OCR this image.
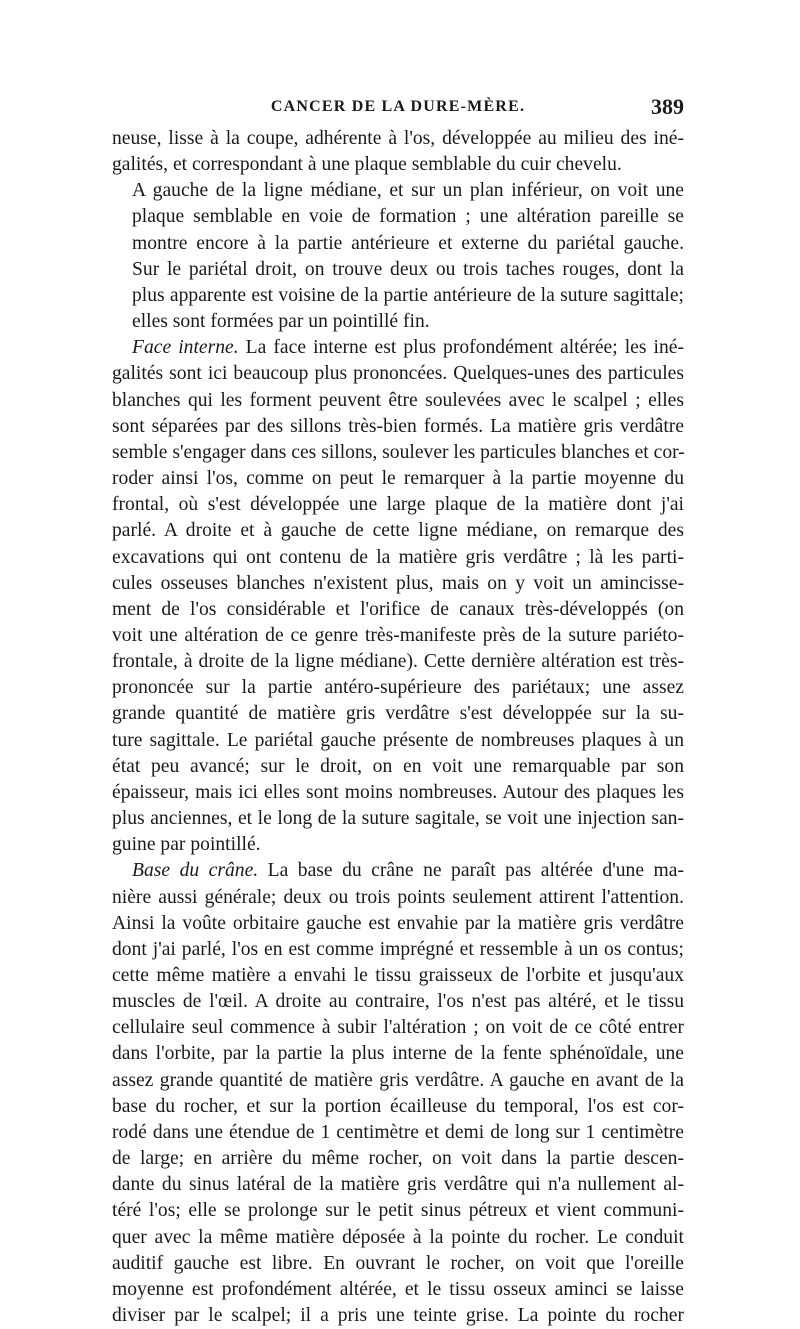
CANCER DE LA DURE-MÈRE.	389

neuse, lisse à la coupe, adhérente à l'os, développée au milieu des iné-
galités, et correspondant à une plaque semblable du cuir chevelu.

A gauche de la ligne médiane, et sur un plan inférieur, on voit une
plaque semblable en voie de formation ; une altération pareille se
montre encore à la partie antérieure et externe du pariétal gauche.
Sur le pariétal droit, on trouve deux ou trois taches rouges, dont la
plus apparente est voisine de la partie antérieure de la suture sagittale;
elles sont formées par un pointillé fin.

Face interne. La face interne est plus profondément altérée; les iné-
galités sont ici beaucoup plus prononcées. Quelques-unes des particules
blanches qui les forment peuvent être soulevées avec le scalpel ; elles
sont séparées par des sillons très-bien formés. La matière gris verdâtre
semble s'engager dans ces sillons, soulever les particules blanches et cor-
roder ainsi l'os, comme on peut le remarquer à la partie moyenne du
frontal, où s'est développée une large plaque de la matière dont j'ai
parlé. A droite et à gauche de cette ligne médiane, on remarque des
excavations qui ont contenu de la matière gris verdâtre ; là les parti-
cules osseuses blanches n'existent plus, mais on y voit un amincisse-
ment de l'os considérable et l'orifice de canaux très-développés (on
voit une altération de ce genre très-manifeste près de la suture pariéto-
frontale, à droite de la ligne médiane). Cette dernière altération est très-
prononcée sur la partie antéro-supérieure des pariétaux; une assez
grande quantité de matière gris verdâtre s'est développée sur la su-
ture sagittale. Le pariétal gauche présente de nombreuses plaques à un
état peu avancé; sur le droit, on en voit une remarquable par son
épaisseur, mais ici elles sont moins nombreuses. Autour des plaques les
plus anciennes, et le long de la suture sagitale, se voit une injection san-
guine par pointillé.

Base du crâne. La base du crâne ne paraît pas altérée d'une ma-
nière aussi générale; deux ou trois points seulement attirent l'attention.
Ainsi la voûte orbitaire gauche est envahie par la matière gris verdâtre
dont j'ai parlé, l'os en est comme imprégné et ressemble à un os contus;
cette même matière a envahi le tissu graisseux de l'orbite et jusqu'aux
muscles de l'œil. A droite au contraire, l'os n'est pas altéré, et le tissu
cellulaire seul commence à subir l'altération ; on voit de ce côté entrer
dans l'orbite, par la partie la plus interne de la fente sphénoïdale, une
assez grande quantité de matière gris verdâtre. A gauche en avant de la
base du rocher, et sur la portion écailleuse du temporal, l'os est cor-
rodé dans une étendue de 1 centimètre et demi de long sur 1 centimètre
de large; en arrière du même rocher, on voit dans la partie descen-
dante du sinus latéral de la matière gris verdâtre qui n'a nullement al-
téré l'os; elle se prolonge sur le petit sinus pétreux et vient communi-
quer avec la même matière déposée à la pointe du rocher. Le conduit
auditif gauche est libre. En ouvrant le rocher, on voit que l'oreille
moyenne est profondément altérée, et le tissu osseux aminci se laisse
diviser par le scalpel; il a pris une teinte grise. La pointe du rocher
